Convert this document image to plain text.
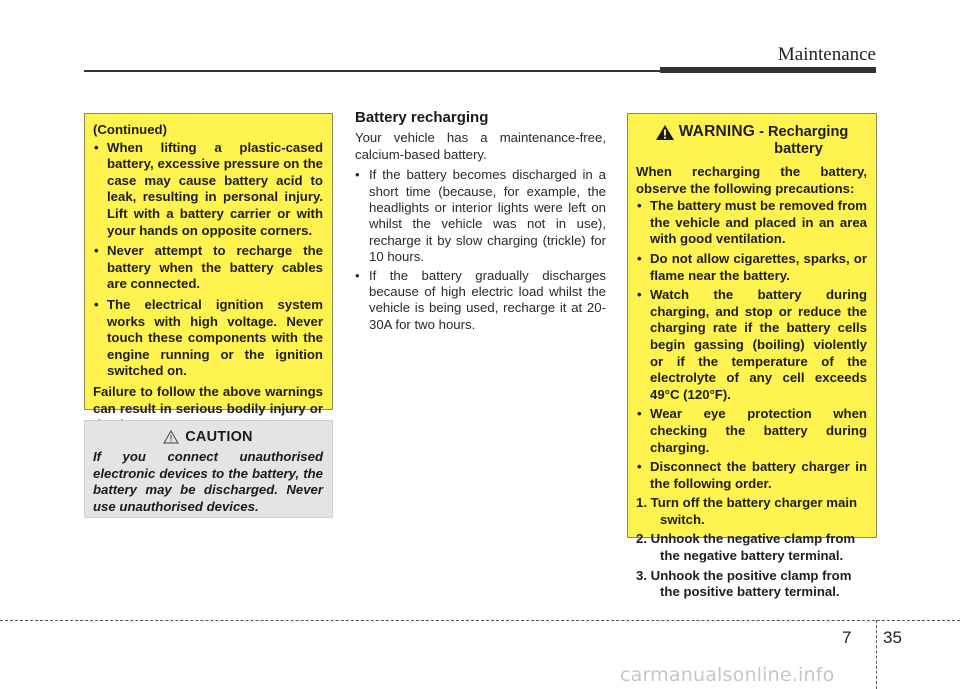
Maintenance

(Continued)

• When lifting a plastic-cased battery, excessive pressure on the case may cause battery acid to leak, resulting in personal injury. Lift with a battery carrier or with your hands on opposite corners.
• Never attempt to recharge the battery when the battery cables are connected.
• The electrical ignition system works with high voltage. Never touch these components with the engine running or the ignition switched on.

Failure to follow the above warnings can result in serious bodily injury or

CAUTION

If you connect unauthorised electronic devices to the battery, the battery may be discharged. Never use unauthorised devices.

Battery recharging

Your vehicle has a maintenance-free, calcium-based battery.

• If the battery becomes discharged in a short time (because, for example, the headlights or interior lights were left on whilst the vehicle was not in use), recharge it by slow charging (trickle) for 10 hours.
• If the battery gradually discharges because of high electric load whilst the vehicle is being used, recharge it at 20-30A for two hours.
WARNING - Recharging
battery

When recharging the battery, observe the following precautions:

• The battery must be removed from the vehicle and placed in an area with good ventilation.
• Do not allow cigarettes, sparks, or flame near the battery.
• Watch the battery during charging, and stop or reduce the charging rate if the battery cells begin gassing (boiling) violently or if the temperature of the electrolyte of any cell exceeds 49°C (120°F).
• Wear eye protection when checking the battery during charging.
• Disconnect the battery charger in the following order.
1. Turn off the battery charger main
switch.
2. Unhook the negative clamp from
the negative battery terminal.
3. Unhook the positive clamp from
the positive battery terminal.
7 35
carmanualsonline.info
